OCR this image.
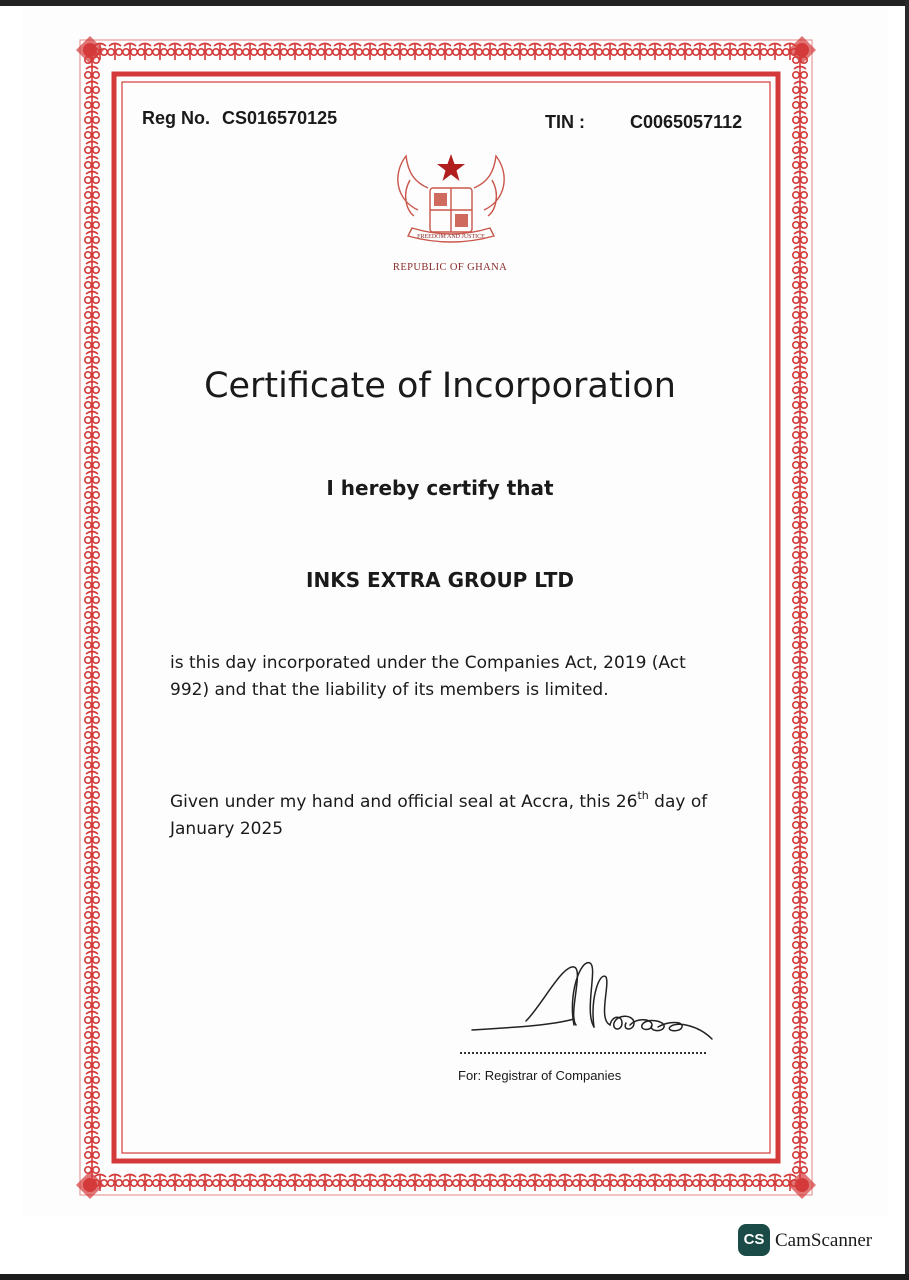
Reg No. CS016570125	TIN :	C0065057112
FREEDOM AND JUSTICE
REPUBLIC OF GHANA
Certificate of Incorporation
I hereby certify that
INKS EXTRA GROUP LTD
is this day incorporated under the Companies Act, 2019 (Act 992) and that the liability of its members is limited.
Given under my hand and official seal at Accra, this 26th day of January 2025
For: Registrar of Companies
CS CamScanner
